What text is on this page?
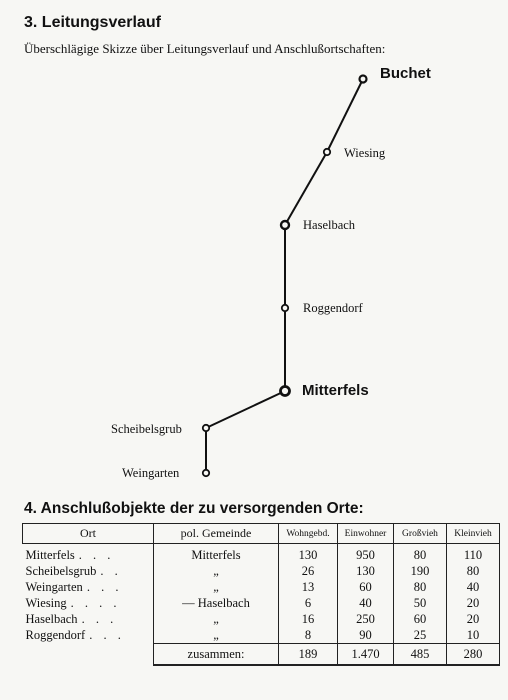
3. Leitungsverlauf
Überschlägige Skizze über Leitungsverlauf und Anschlußortschaften:
Buchet
Wiesing
Haselbach
Roggendorf
Mitterfels
Scheibelsgrub
Weingarten
4. Anschlußobjekte der zu versorgenden Orte:
Ort	pol. Gemeinde	Wohngebd.	Einwohner	Großvieh	Kleinvieh
Mitterfels . . .	Mitterfels	130	950	80	110
Scheibelsgrub . .	„	26	130	190	80
Weingarten . . .	„	13	60	80	40
Wiesing . . . .	— Haselbach	6	40	50	20
Haselbach . . .	„	16	250	60	20
Roggendorf . . .	„	8	90	25	10
	zusammen:	189	1.470	485	280
